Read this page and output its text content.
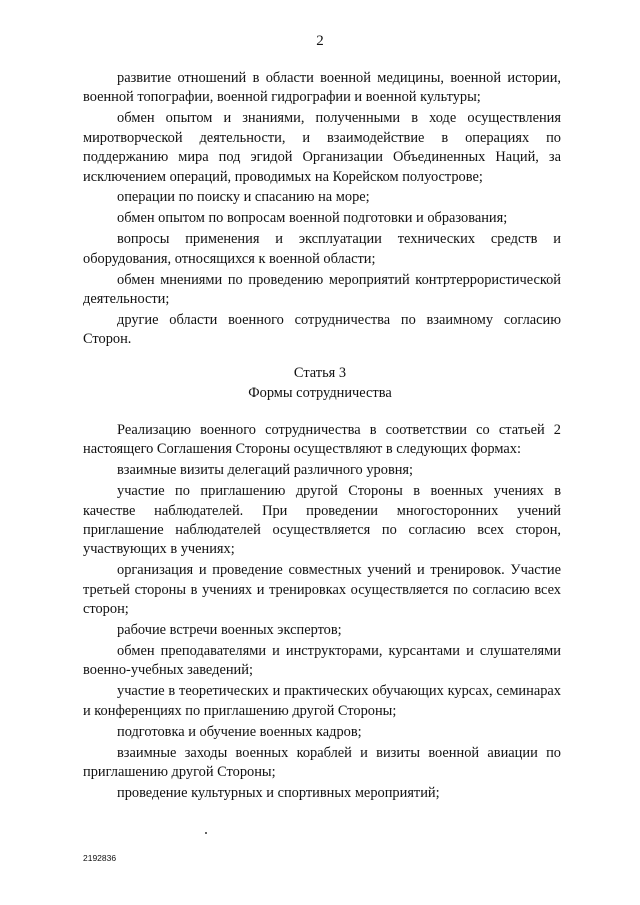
2

развитие отношений в области военной медицины, военной истории, военной топографии, военной гидрографии и военной культуры;

обмен опытом и знаниями, полученными в ходе осуществления миротворческой деятельности, и взаимодействие в операциях по поддержанию мира под эгидой Организации Объединенных Наций, за исключением операций, проводимых на Корейском полуострове;

операции по поиску и спасанию на море;

обмен опытом по вопросам военной подготовки и образования;

вопросы применения и эксплуатации технических средств и оборудования, относящихся к военной области;

обмен мнениями по проведению мероприятий контртеррористической деятельности;

другие области военного сотрудничества по взаимному согласию Сторон.

Статья 3
Формы сотрудничества

Реализацию военного сотрудничества в соответствии со статьей 2 настоящего Соглашения Стороны осуществляют в следующих формах:

взаимные визиты делегаций различного уровня;

участие по приглашению другой Стороны в военных учениях в качестве наблюдателей. При проведении многосторонних учений приглашение наблюдателей осуществляется по согласию всех сторон, участвующих в учениях;

организация и проведение совместных учений и тренировок. Участие третьей стороны в учениях и тренировках осуществляется по согласию всех сторон;

рабочие встречи военных экспертов;

обмен преподавателями и инструкторами, курсантами и слушателями военно-учебных заведений;

участие в теоретических и практических обучающих курсах, семинарах и конференциях по приглашению другой Стороны;

подготовка и обучение военных кадров;

взаимные заходы военных кораблей и визиты военной авиации по приглашению другой Стороны;

проведение культурных и спортивных мероприятий;

2192836
